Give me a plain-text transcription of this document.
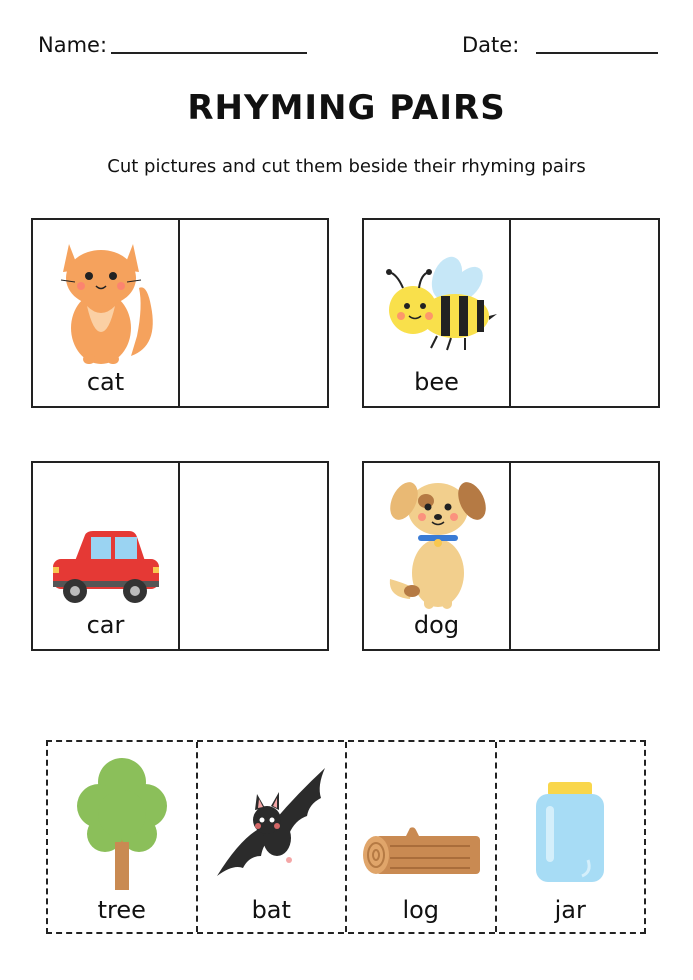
Name:	Date:
RHYMING PAIRS
Cut pictures and cut them beside their rhyming pairs
cat	bee
car	dog
tree	bat	log	jar
